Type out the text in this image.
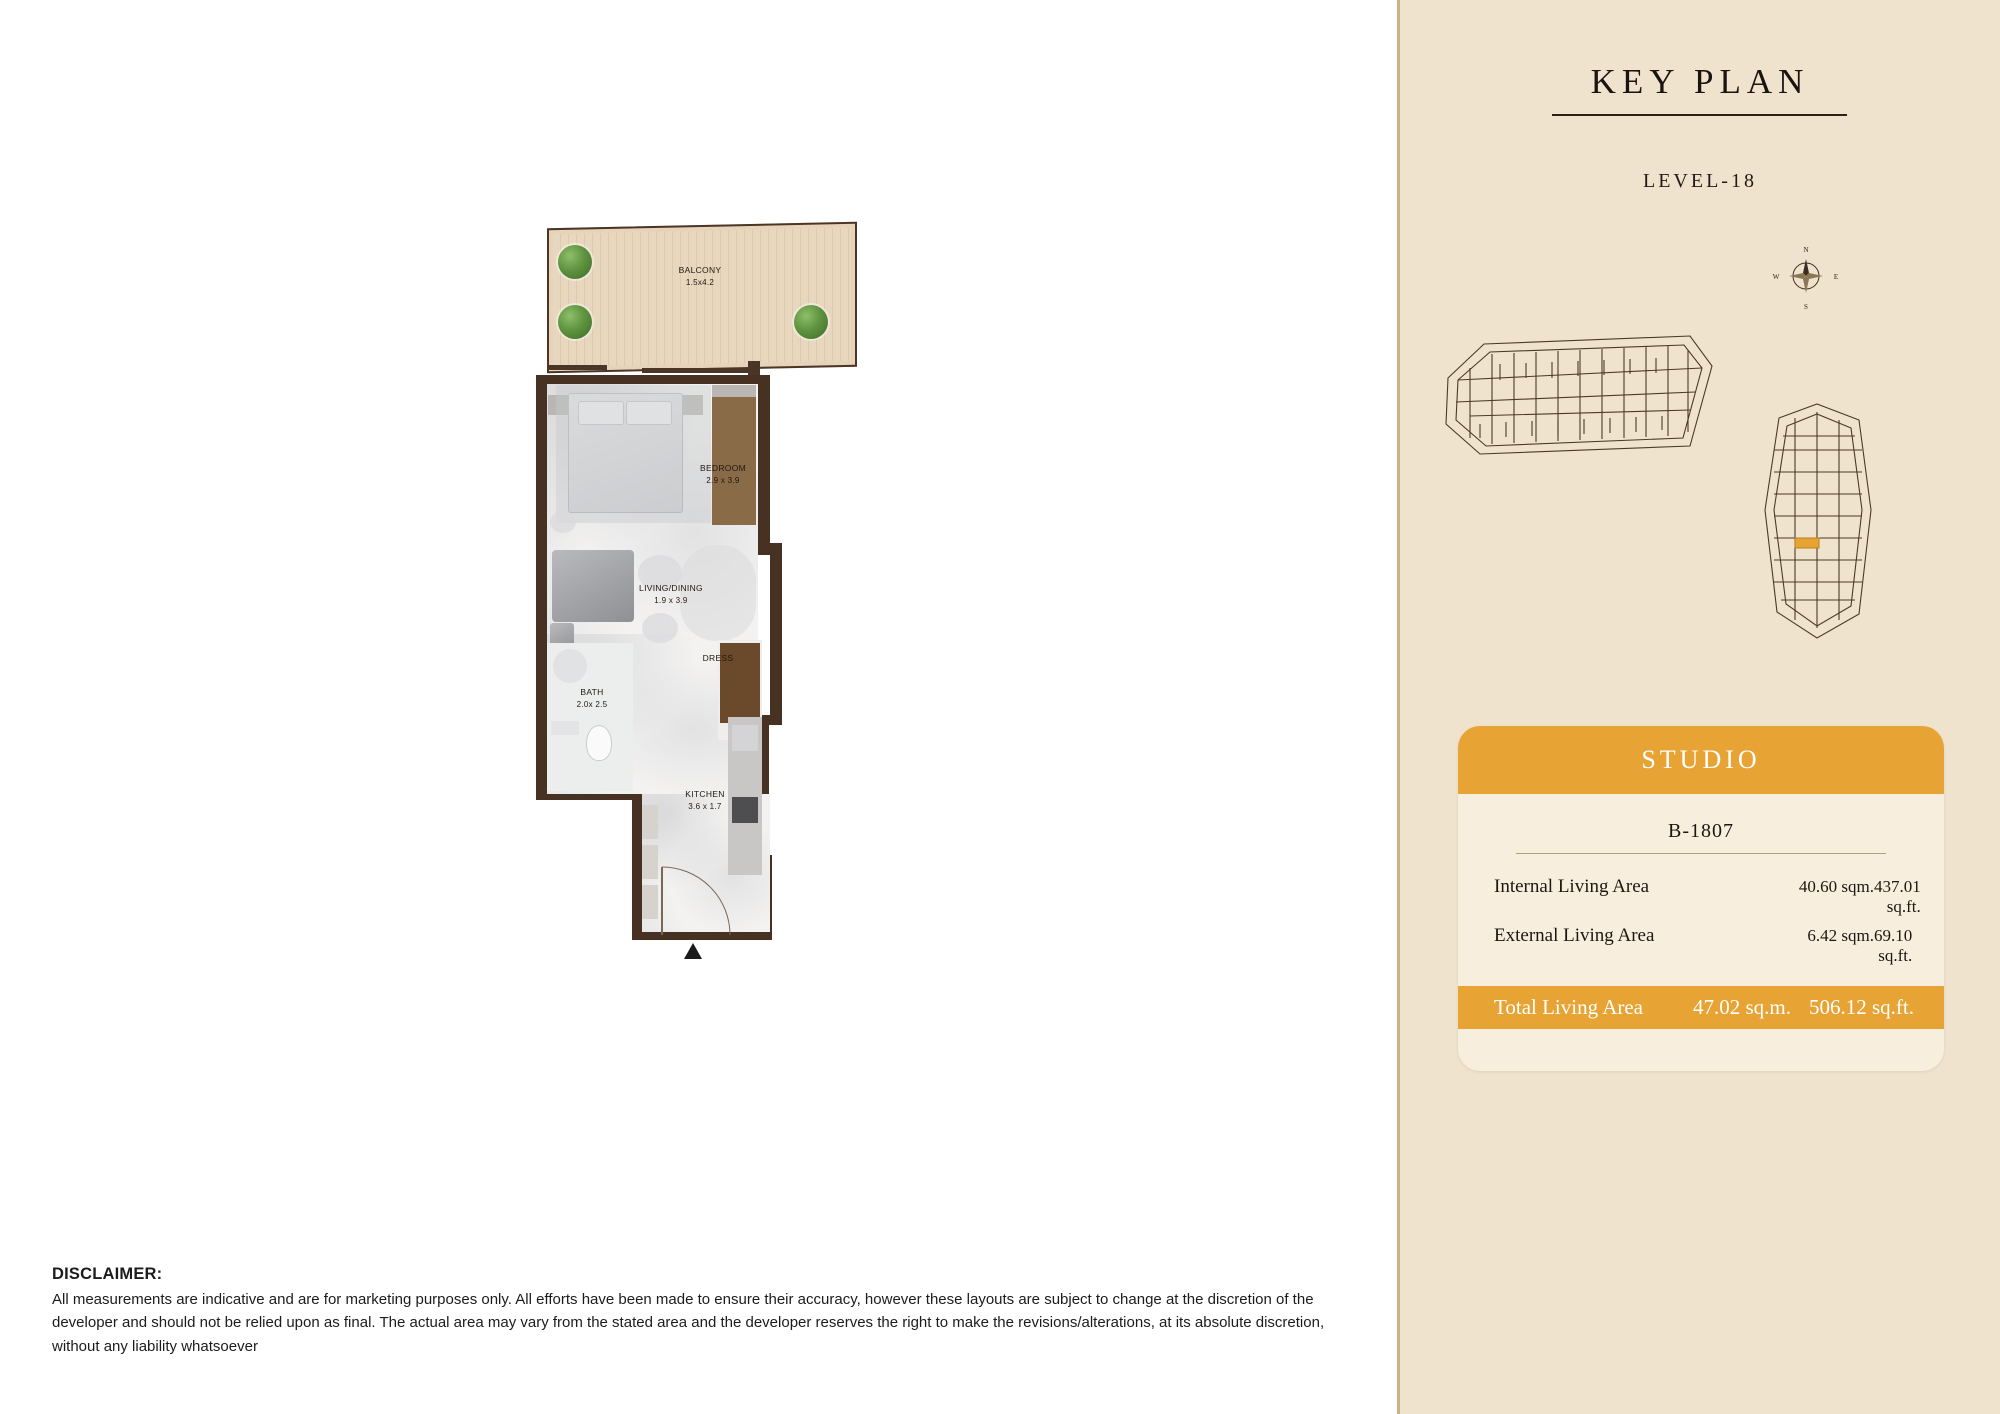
BALCONY
1.5x4.2
BEDROOM
2.9 x 3.9
LIVING/DINING
1.9 x 3.9
DRESS
BATH
2.0x 2.5
KITCHEN
3.6 x 1.7
DISCLAIMER:
All measurements are indicative and are for marketing purposes only. All efforts have been made to ensure their accuracy, however these layouts are subject to change at the discretion of the developer and should not be relied upon as final. The actual area may vary from the stated area and the developer reserves the right to make the revisions/alterations, at its absolute discretion, without any liability whatsoever
KEY PLAN
LEVEL-18
N
S
E
W
STUDIO
B-1807
Internal Living Area	40.60 sqm. 437.01 sq.ft.
External Living Area	6.42 sqm. 69.10 sq.ft.
Total Living Area	47.02 sq.m. 506.12 sq.ft.
